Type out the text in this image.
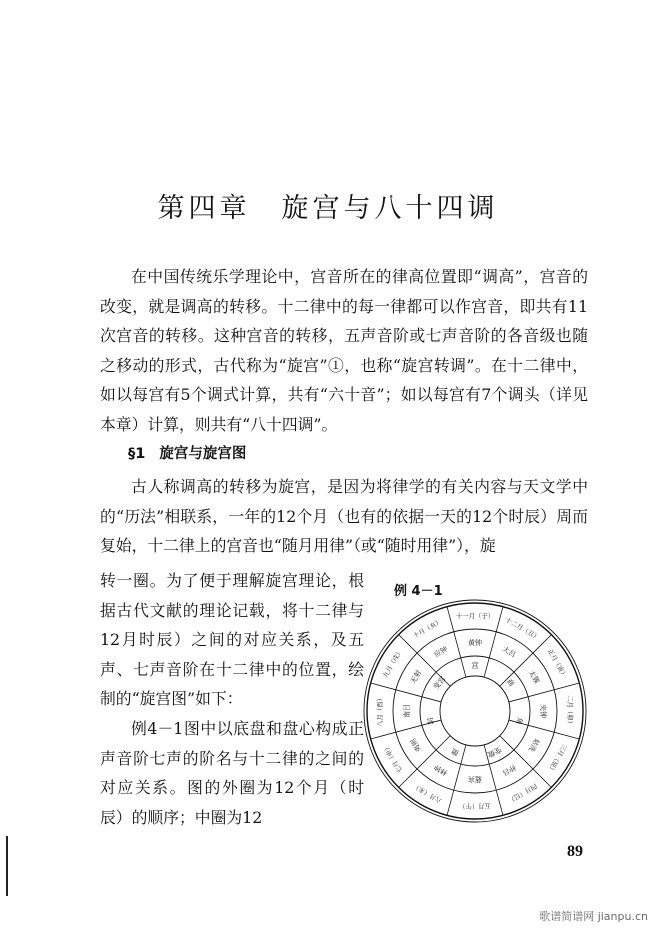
第四章　旋宫与八十四调

在中国传统乐学理论中，宫音所在的律高位置即“调高”，宫音的改变，就是调高的转移。十二律中的每一律都可以作宫音，即共有11次宫音的转移。这种宫音的转移，五声音阶或七声音阶的各音级也随之移动的形式，古代称为“旋宫”①，也称“旋宫转调”。在十二律中，如以每宫有5个调式计算，共有“六十音”；如以每宫有7个调头（详见本章）计算，则共有“八十四调”。

§1 旋宫与旋宫图

古人称调高的转移为旋宫，是因为将律学的有关内容与天文学中的“历法”相联系，一年的12个月（也有的依据一天的12个时辰）周而复始，十二律上的宫音也“随月用律”（或“随时用律”），旋

转一圈。为了便于理解旋宫理论，根据古代文献的理论记载，将十二律与12月时辰）之间的对应关系，及五声、七声音阶在十二律中的位置，绘制的“旋宫图”如下：

例4－1图中以底盘和盘心构成正声音阶七声的阶名与十二律的之间的对应关系。图的外圈为12个月（时辰）的顺序；中圈为12

例 4－1
十一月（子） 十二月（丑）
正月（寅）
二月（卯）
三月（辰）
四月（巳）
五月（午）
六月（未）
七月（申）
八月（酉）
九月（戌）
十月（亥）
黄钟
大吕
太簇
夹钟
姑洗
仲吕
蕤宾
林钟
夷则
南吕
无射
应钟
宫
商
角
变徵
徵
羽
变宫
89
歌谱简谱网 jianpu.cn
